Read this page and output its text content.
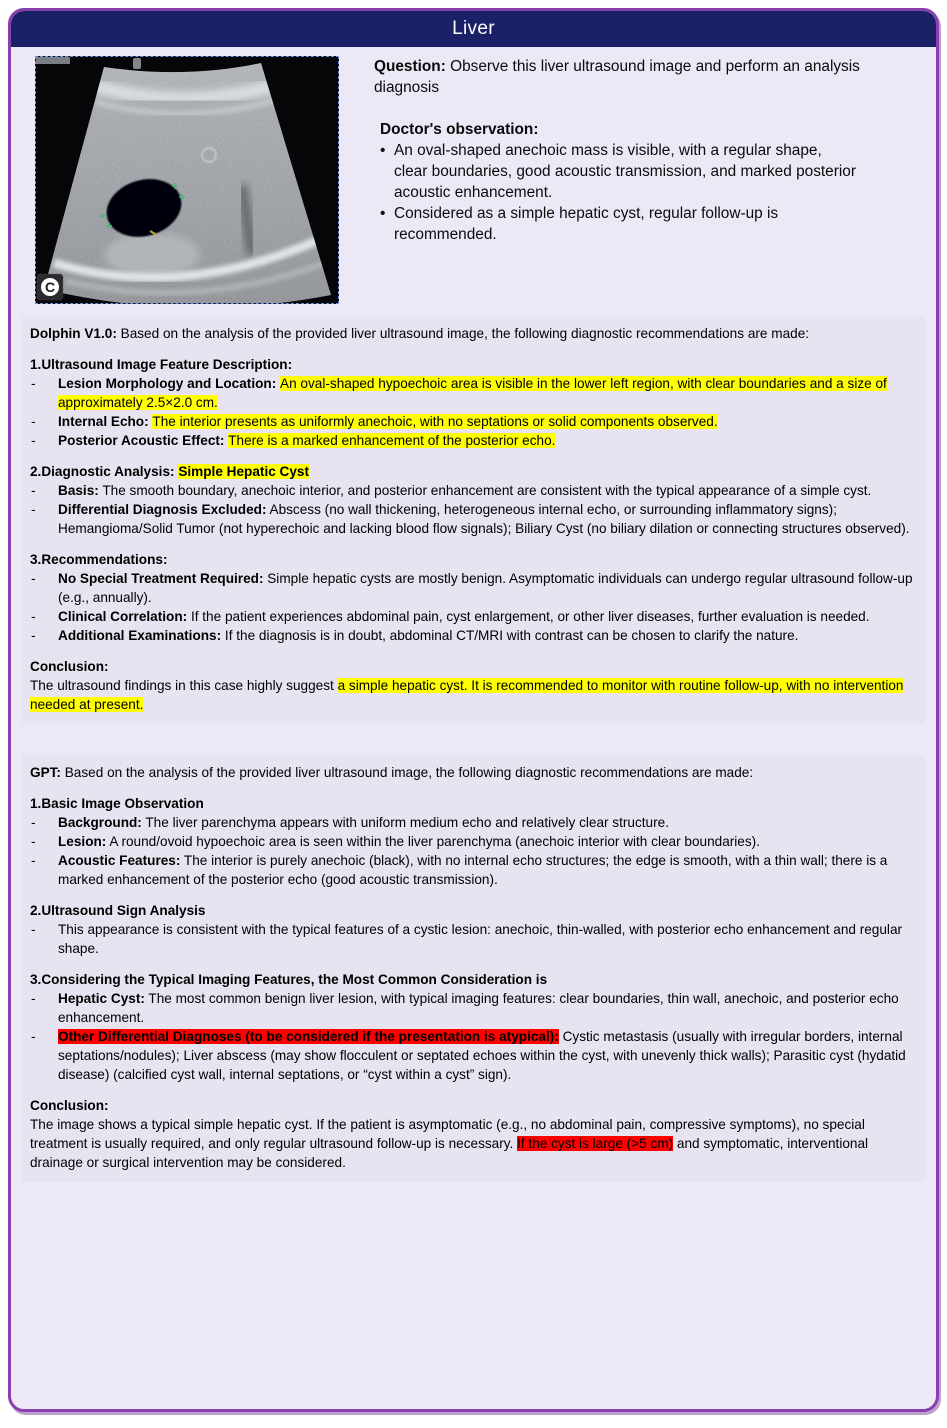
Liver
C
Question: Observe this liver ultrasound image and perform an analysis
diagnosis
Doctor's observation:
• An oval-shaped anechoic mass is visible, with a regular shape,
clear boundaries, good acoustic transmission, and marked posterior
acoustic enhancement.
• Considered as a simple hepatic cyst, regular follow-up is
recommended.
Dolphin V1.0: Based on the analysis of the provided liver ultrasound image, the following diagnostic recommendations are made:
1.Ultrasound Image Feature Description:
- Lesion Morphology and Location: An oval-shaped hypoechoic area is visible in the lower left region, with clear boundaries and a size of approximately 2.5×2.0 cm.
- Internal Echo: The interior presents as uniformly anechoic, with no septations or solid components observed.
- Posterior Acoustic Effect: There is a marked enhancement of the posterior echo.
2.Diagnostic Analysis: Simple Hepatic Cyst
- Basis: The smooth boundary, anechoic interior, and posterior enhancement are consistent with the typical appearance of a simple cyst.
- Differential Diagnosis Excluded: Abscess (no wall thickening, heterogeneous internal echo, or surrounding inflammatory signs); Hemangioma/Solid Tumor (not hyperechoic and lacking blood flow signals); Biliary Cyst (no biliary dilation or connecting structures observed).
3.Recommendations:
- No Special Treatment Required: Simple hepatic cysts are mostly benign. Asymptomatic individuals can undergo regular ultrasound follow-up (e.g., annually).
- Clinical Correlation: If the patient experiences abdominal pain, cyst enlargement, or other liver diseases, further evaluation is needed.
- Additional Examinations: If the diagnosis is in doubt, abdominal CT/MRI with contrast can be chosen to clarify the nature.
Conclusion:
The ultrasound findings in this case highly suggest a simple hepatic cyst. It is recommended to monitor with routine follow-up, with no intervention needed at present.
GPT: Based on the analysis of the provided liver ultrasound image, the following diagnostic recommendations are made:
1.Basic Image Observation
- Background: The liver parenchyma appears with uniform medium echo and relatively clear structure.
- Lesion: A round/ovoid hypoechoic area is seen within the liver parenchyma (anechoic interior with clear boundaries).
- Acoustic Features: The interior is purely anechoic (black), with no internal echo structures; the edge is smooth, with a thin wall; there is a marked enhancement of the posterior echo (good acoustic transmission).
2.Ultrasound Sign Analysis
- This appearance is consistent with the typical features of a cystic lesion: anechoic, thin-walled, with posterior echo enhancement and regular shape.
3.Considering the Typical Imaging Features, the Most Common Consideration is
- Hepatic Cyst: The most common benign liver lesion, with typical imaging features: clear boundaries, thin wall, anechoic, and posterior echo enhancement.
- Other Differential Diagnoses (to be considered if the presentation is atypical): Cystic metastasis (usually with irregular borders, internal septations/nodules); Liver abscess (may show flocculent or septated echoes within the cyst, with unevenly thick walls); Parasitic cyst (hydatid disease) (calcified cyst wall, internal septations, or “cyst within a cyst” sign).
Conclusion:
The image shows a typical simple hepatic cyst. If the patient is asymptomatic (e.g., no abdominal pain, compressive symptoms), no special treatment is usually required, and only regular ultrasound follow-up is necessary. If the cyst is large (>5 cm) and symptomatic, interventional drainage or surgical intervention may be considered.
